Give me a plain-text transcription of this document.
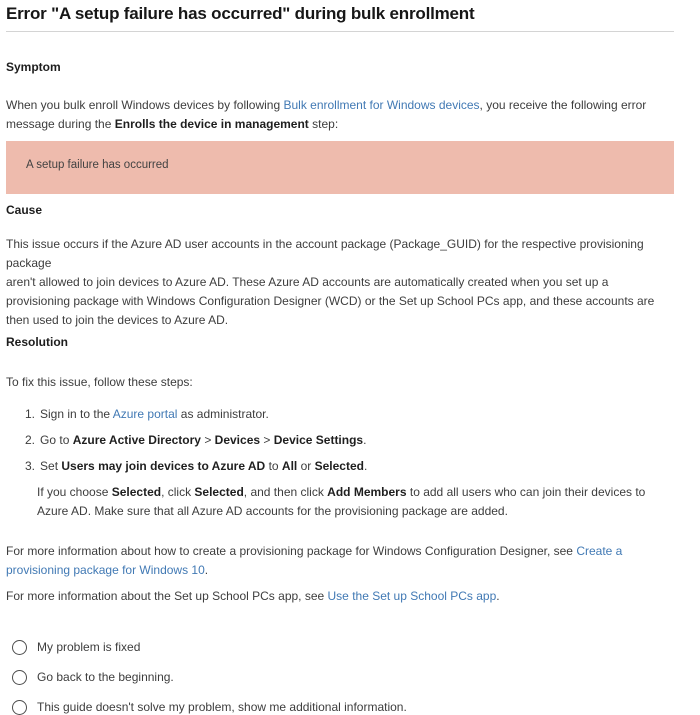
Error "A setup failure has occurred" during bulk enrollment
Symptom

When you bulk enroll Windows devices by following Bulk enrollment for Windows devices, you receive the following error message during the Enrolls the device in management step:

A setup failure has occurred
Cause

This issue occurs if the Azure AD user accounts in the account package (Package_GUID) for the respective provisioning package
aren't allowed to join devices to Azure AD. These Azure AD accounts are automatically created when you set up a provisioning package with Windows Configuration Designer (WCD) or the Set up School PCs app, and these accounts are then used to join the devices to Azure AD.

Resolution

To fix this issue, follow these steps:

1. Sign in to the Azure portal as administrator.
2. Go to Azure Active Directory > Devices > Device Settings.
3. Set Users may join devices to Azure AD to All or Selected.

If you choose Selected, click Selected, and then click Add Members to add all users who can join their devices to Azure AD. Make sure that all Azure AD accounts for the provisioning package are added.

For more information about how to create a provisioning package for Windows Configuration Designer, see Create a provisioning package for Windows 10.

For more information about the Set up School PCs app, see Use the Set up School PCs app.

My problem is fixed
Go back to the beginning.
This guide doesn't solve my problem, show me additional information.
